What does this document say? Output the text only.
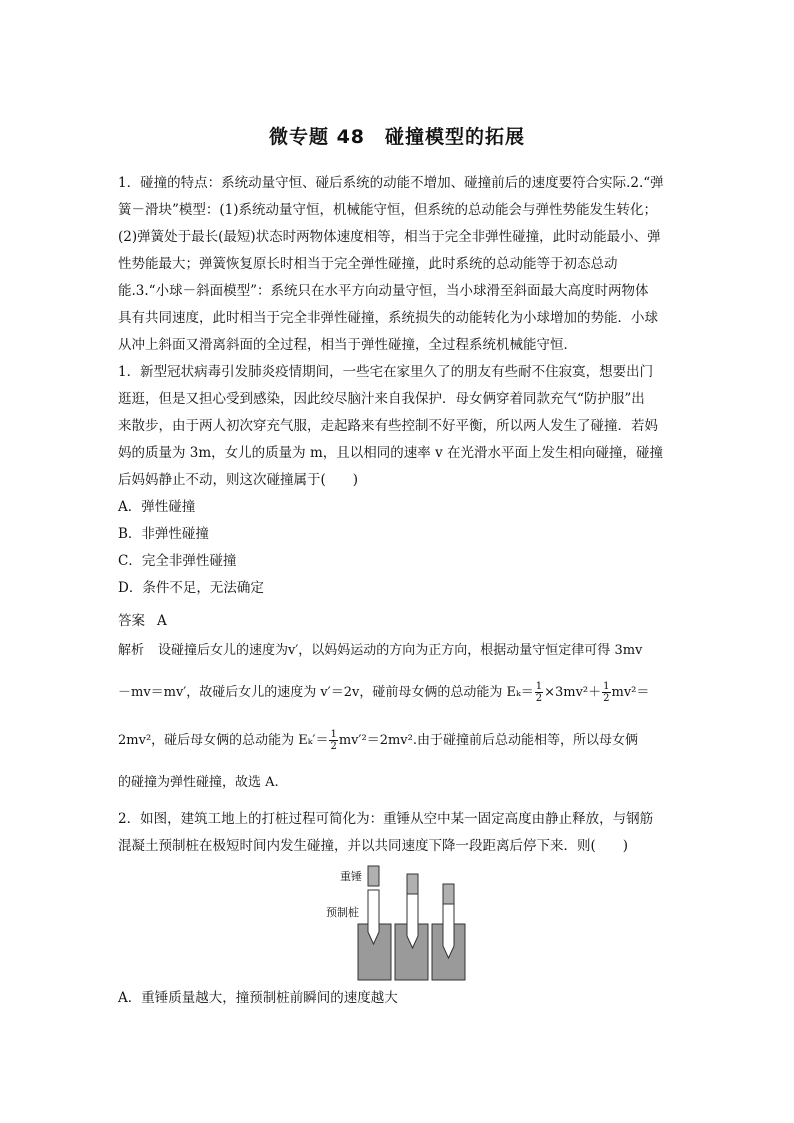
微专题 48　碰撞模型的拓展
1．碰撞的特点：系统动量守恒、碰后系统的动能不增加、碰撞前后的速度要符合实际.2.“弹
簧－滑块”模型：(1)系统动量守恒，机械能守恒，但系统的总动能会与弹性势能发生转化；
(2)弹簧处于最长(最短)状态时两物体速度相等，相当于完全非弹性碰撞，此时动能最小、弹
性势能最大；弹簧恢复原长时相当于完全弹性碰撞，此时系统的总动能等于初态总动
能.3.“小球－斜面模型”：系统只在水平方向动量守恒，当小球滑至斜面最大高度时两物体
具有共同速度，此时相当于完全非弹性碰撞，系统损失的动能转化为小球增加的势能．小球
从冲上斜面又滑离斜面的全过程，相当于弹性碰撞，全过程系统机械能守恒．
1．新型冠状病毒引发肺炎疫情期间，一些宅在家里久了的朋友有些耐不住寂寞，想要出门
逛逛，但是又担心受到感染，因此绞尽脑汁来自我保护．母女俩穿着同款充气“防护服”出
来散步，由于两人初次穿充气服，走起路来有些控制不好平衡，所以两人发生了碰撞．若妈
妈的质量为 3m，女儿的质量为 m，且以相同的速率 v 在光滑水平面上发生相向碰撞，碰撞
后妈妈静止不动，则这次碰撞属于(　　)
A．弹性碰撞
B．非弹性碰撞
C．完全非弹性碰撞
D．条件不足，无法确定
答案 A
解析 设碰撞后女儿的速度为v′，以妈妈运动的方向为正方向，根据动量守恒定律可得 3mv
－mv＝mv′，故碰后女儿的速度为 v′＝2v，碰前母女俩的总动能为 $E_k= \frac{1}{2} \times 3mv^2+ \frac{1}{2} mv^2=$
2mv²，碰后母女俩的总动能为 $E_k'= \frac{1}{2} mv'^2=2mv^2$.由于碰撞前后总动能相等，所以母女俩
的碰撞为弹性碰撞，故选 A.
2．如图，建筑工地上的打桩过程可简化为：重锤从空中某一固定高度由静止释放，与钢筋
混凝土预制桩在极短时间内发生碰撞，并以共同速度下降一段距离后停下来．则(　　)
重锤
预制桩
A．重锤质量越大，撞预制桩前瞬间的速度越大
